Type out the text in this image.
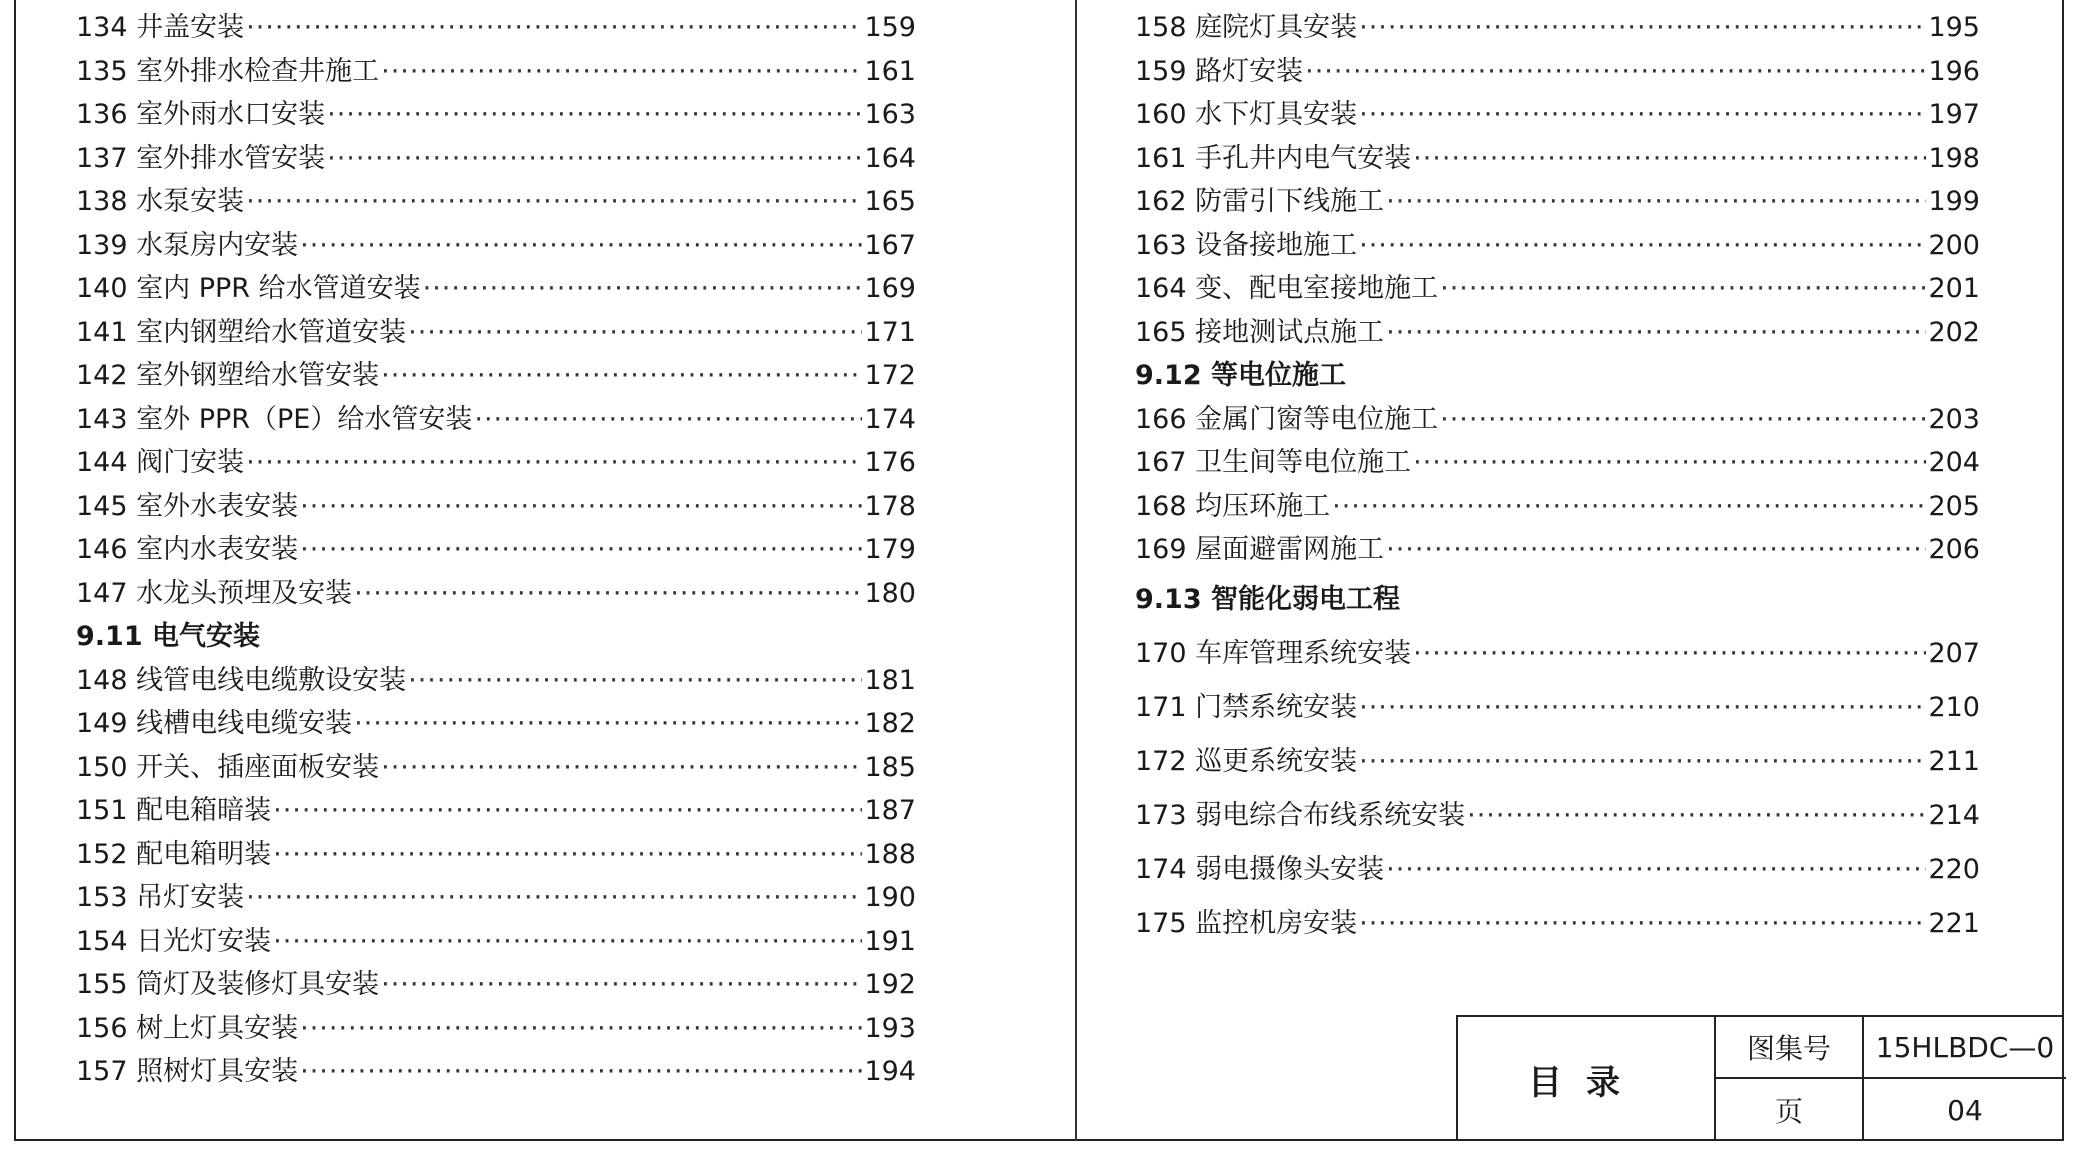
134 井盖安装 ·····	159
135 室外排水检查井施工 ·····	161
136 室外雨水口安装 ·····	163
137 室外排水管安装 ·····	164
138 水泵安装 ·····	165
139 水泵房内安装 ·····	167
140 室内 PPR 给水管道安装 ·····	169
141 室内钢塑给水管道安装 ·····	171
142 室外钢塑给水管安装 ·····	172
143 室外 PPR（PE）给水管安装 ·····	174
144 阀门安装 ·····	176
145 室外水表安装 ·····	178
146 室内水表安装 ·····	179
147 水龙头预埋及安装 ·····	180
9.11 电气安装
148 线管电线电缆敷设安装 ·····	181
149 线槽电线电缆安装 ·····	182
150 开关、插座面板安装 ·····	185
151 配电箱暗装 ·····	187
152 配电箱明装 ·····	188
153 吊灯安装 ·····	190
154 日光灯安装 ·····	191
155 筒灯及装修灯具安装 ·····	192
156 树上灯具安装 ·····	193
157 照树灯具安装 ·····	194
158 庭院灯具安装 ·····	195
159 路灯安装 ·····	196
160 水下灯具安装 ·····	197
161 手孔井内电气安装 ·····	198
162 防雷引下线施工 ·····	199
163 设备接地施工 ·····	200
164 变、配电室接地施工 ·····	201
165 接地测试点施工 ·····	202
9.12 等电位施工
166 金属门窗等电位施工 ·····	203
167 卫生间等电位施工 ·····	204
168 均压环施工 ·····	205
169 屋面避雷网施工 ·····	206
9.13 智能化弱电工程
170 车库管理系统安装 ·····	207
171 门禁系统安装 ·····	210
172 巡更系统安装 ·····	211
173 弱电综合布线系统安装 ·····	214
174 弱电摄像头安装 ·····	220
175 监控机房安装 ·····	221
目录
图集号	15HLBDC—0
页	04
